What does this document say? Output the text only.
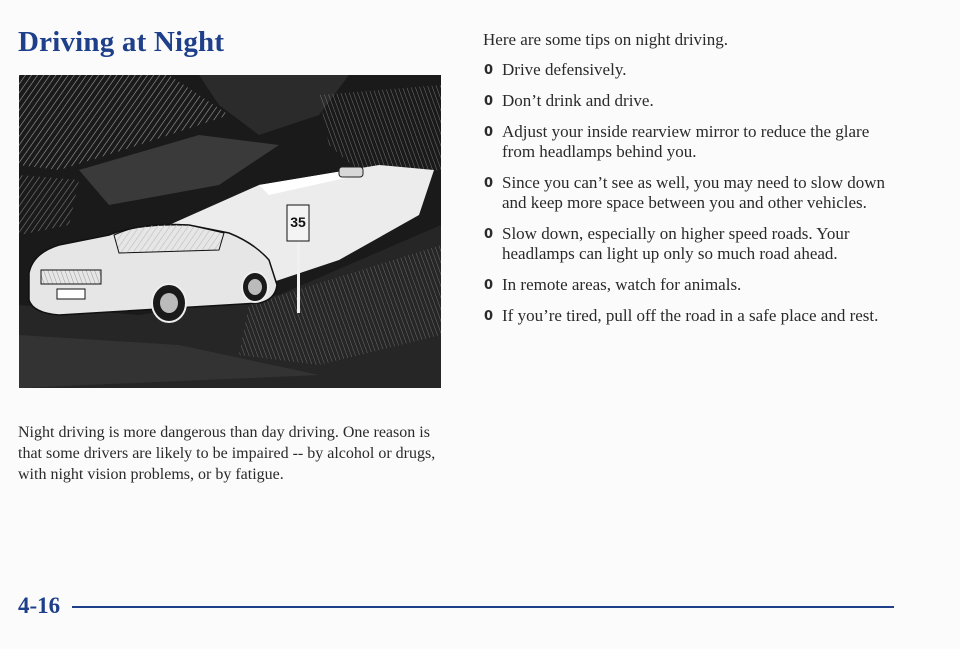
Driving at Night
35

Night driving is more dangerous than day driving. One reason is that some drivers are likely to be impaired -- by alcohol or drugs, with night vision problems, or by fatigue.

Here are some tips on night driving.

0 Drive defensively.
0 Don’t drink and drive.
0 Adjust your inside rearview mirror to reduce the glare from headlamps behind you.
0 Since you can’t see as well, you may need to slow down and keep more space between you and other vehicles.
0 Slow down, especially on higher speed roads. Your headlamps can light up only so much road ahead.
0 In remote areas, watch for animals.
0 If you’re tired, pull off the road in a safe place and rest.

4-16
